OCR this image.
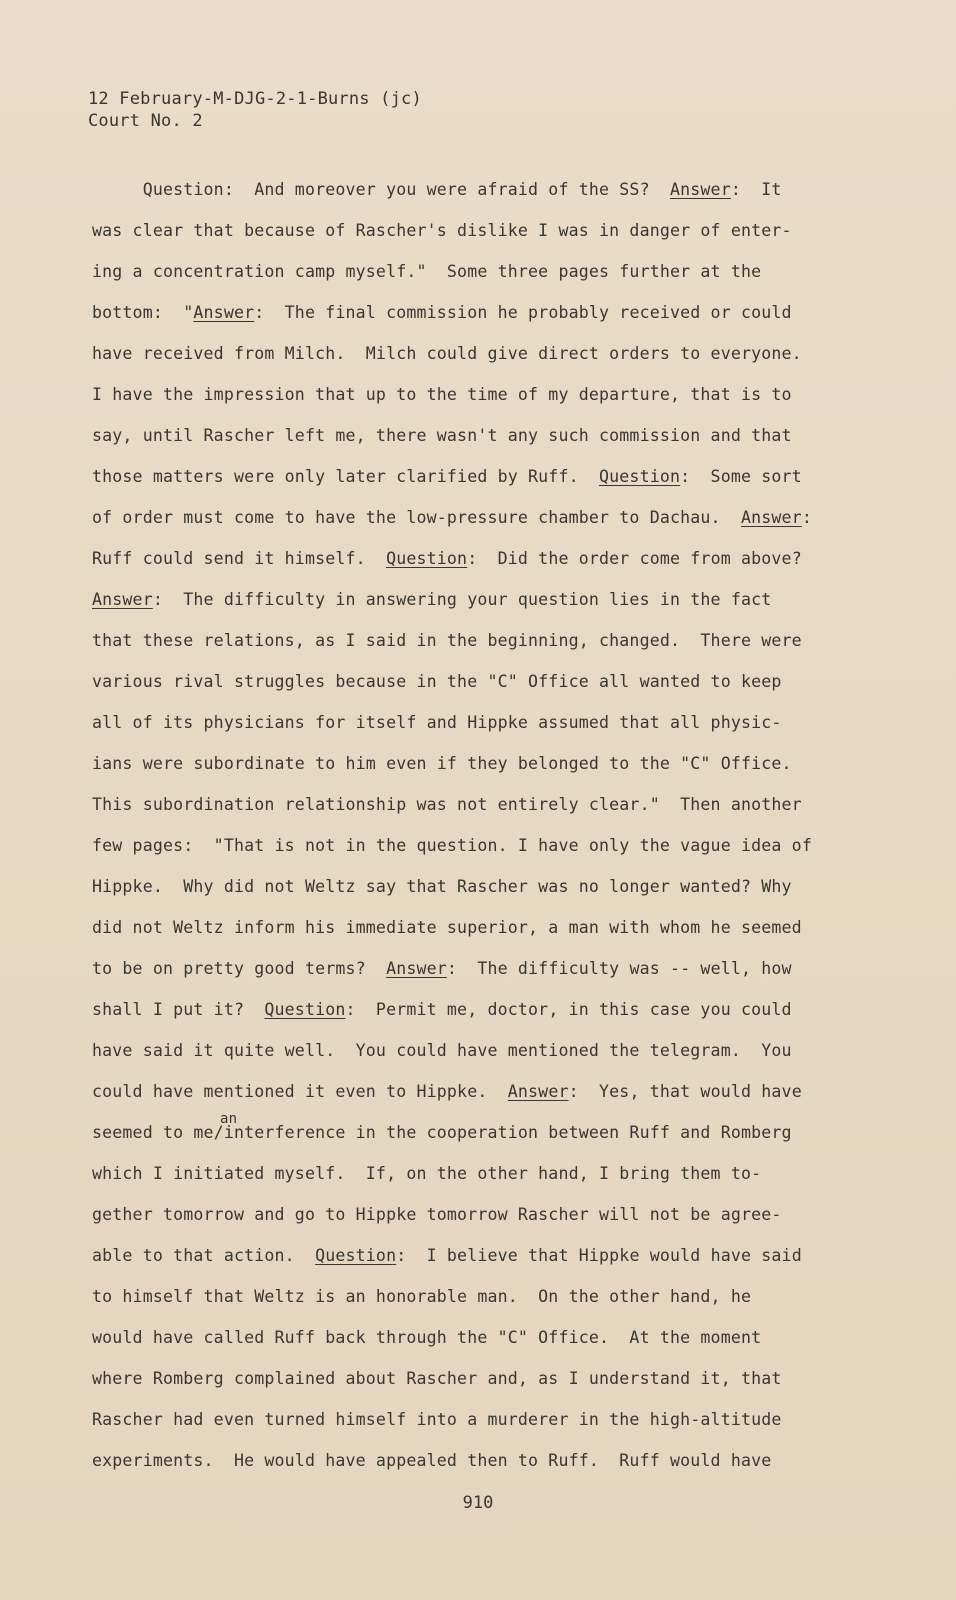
12 February-M-DJG-2-1-Burns (jc)
Court No. 2
Question:  And moreover you were afraid of the SS?  Answer:  It
was clear that because of Rascher's dislike I was in danger of enter-
ing a concentration camp myself."  Some three pages further at the
bottom:  "Answer:  The final commission he probably received or could
have received from Milch.  Milch could give direct orders to everyone.
I have the impression that up to the time of my departure, that is to
say, until Rascher left me, there wasn't any such commission and that
those matters were only later clarified by Ruff.  Question:  Some sort
of order must come to have the low-pressure chamber to Dachau.  Answer:
Ruff could send it himself.  Question:  Did the order come from above?
Answer:  The difficulty in answering your question lies in the fact
that these relations, as I said in the beginning, changed.  There were
various rival struggles because in the "C" Office all wanted to keep
all of its physicians for itself and Hippke assumed that all physic-
ians were subordinate to him even if they belonged to the "C" Office.
This subordination relationship was not entirely clear."  Then another
few pages:  "That is not in the question. I have only the vague idea of
Hippke.  Why did not Weltz say that Rascher was no longer wanted? Why
did not Weltz inform his immediate superior, a man with whom he seemed
to be on pretty good terms?  Answer:  The difficulty was -- well, how
shall I put it?  Question:  Permit me, doctor, in this case you could
have said it quite well.  You could have mentioned the telegram.  You
could have mentioned it even to Hippke.  Answer:  Yes, that would have
seemed to me/interference in the cooperation between Ruff and Romberg
an
which I initiated myself.  If, on the other hand, I bring them to-
gether tomorrow and go to Hippke tomorrow Rascher will not be agree-
able to that action.  Question:  I believe that Hippke would have said
to himself that Weltz is an honorable man.  On the other hand, he
would have called Ruff back through the "C" Office.  At the moment
where Romberg complained about Rascher and, as I understand it, that
Rascher had even turned himself into a murderer in the high-altitude
experiments.  He would have appealed then to Ruff.  Ruff would have
910
